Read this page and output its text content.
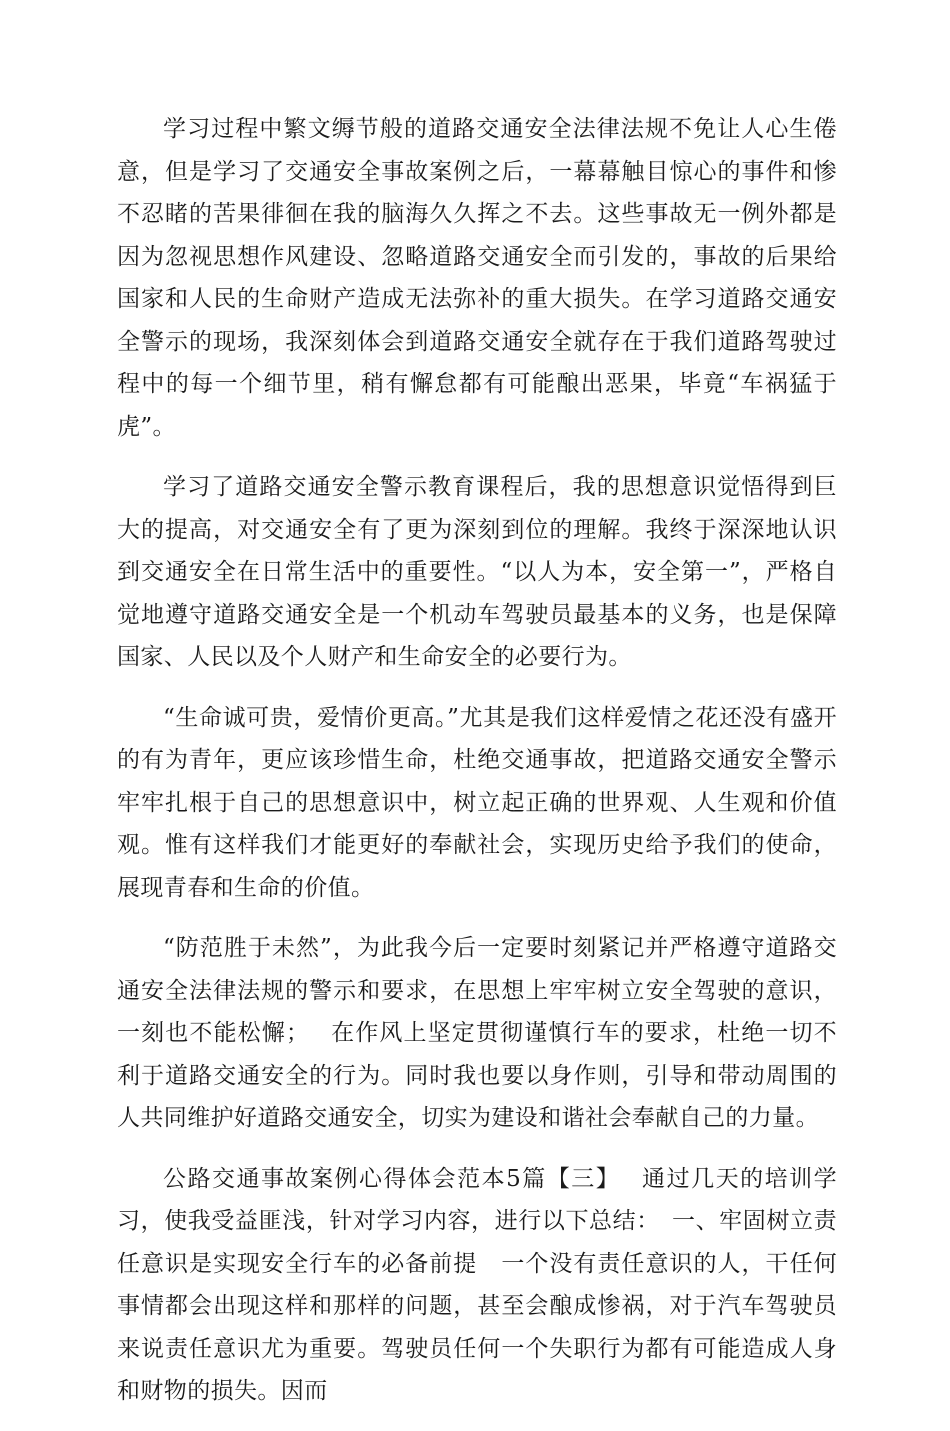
学习过程中繁文缛节般的道路交通安全法律法规不免让人心生倦意，但是学习了交通安全事故案例之后，一幕幕触目惊心的事件和惨不忍睹的苦果徘徊在我的脑海久久挥之不去。这些事故无一例外都是因为忽视思想作风建设、忽略道路交通安全而引发的，事故的后果给国家和人民的生命财产造成无法弥补的重大损失。在学习道路交通安全警示的现场，我深刻体会到道路交通安全就存在于我们道路驾驶过程中的每一个细节里，稍有懈怠都有可能酿出恶果，毕竟“车祸猛于虎”。

学习了道路交通安全警示教育课程后，我的思想意识觉悟得到巨大的提高，对交通安全有了更为深刻到位的理解。我终于深深地认识到交通安全在日常生活中的重要性。“以人为本，安全第一”，严格自觉地遵守道路交通安全是一个机动车驾驶员最基本的义务，也是保障国家、人民以及个人财产和生命安全的必要行为。

“生命诚可贵，爱情价更高。”尤其是我们这样爱情之花还没有盛开的有为青年，更应该珍惜生命，杜绝交通事故，把道路交通安全警示牢牢扎根于自己的思想意识中，树立起正确的世界观、人生观和价值观。惟有这样我们才能更好的奉献社会，实现历史给予我们的使命，展现青春和生命的价值。

“防范胜于未然”，为此我今后一定要时刻紧记并严格遵守道路交通安全法律法规的警示和要求，在思想上牢牢树立安全驾驶的意识，一刻也不能松懈；　 在作风上坚定贯彻谨慎行车的要求，杜绝一切不利于道路交通安全的行为。同时我也要以身作则，引导和带动周围的人共同维护好道路交通安全，切实为建设和谐社会奉献自己的力量。

公路交通事故案例心得体会范本5篇【三】　 通过几天的培训学习，使我受益匪浅，针对学习内容，进行以下总结：　一、牢固树立责任意识是实现安全行车的必备前提　一个没有责任意识的人，干任何事情都会出现这样和那样的问题，甚至会酿成惨祸，对于汽车驾驶员来说责任意识尤为重要。驾驶员任何一个失职行为都有可能造成人身和财物的损失。因而
